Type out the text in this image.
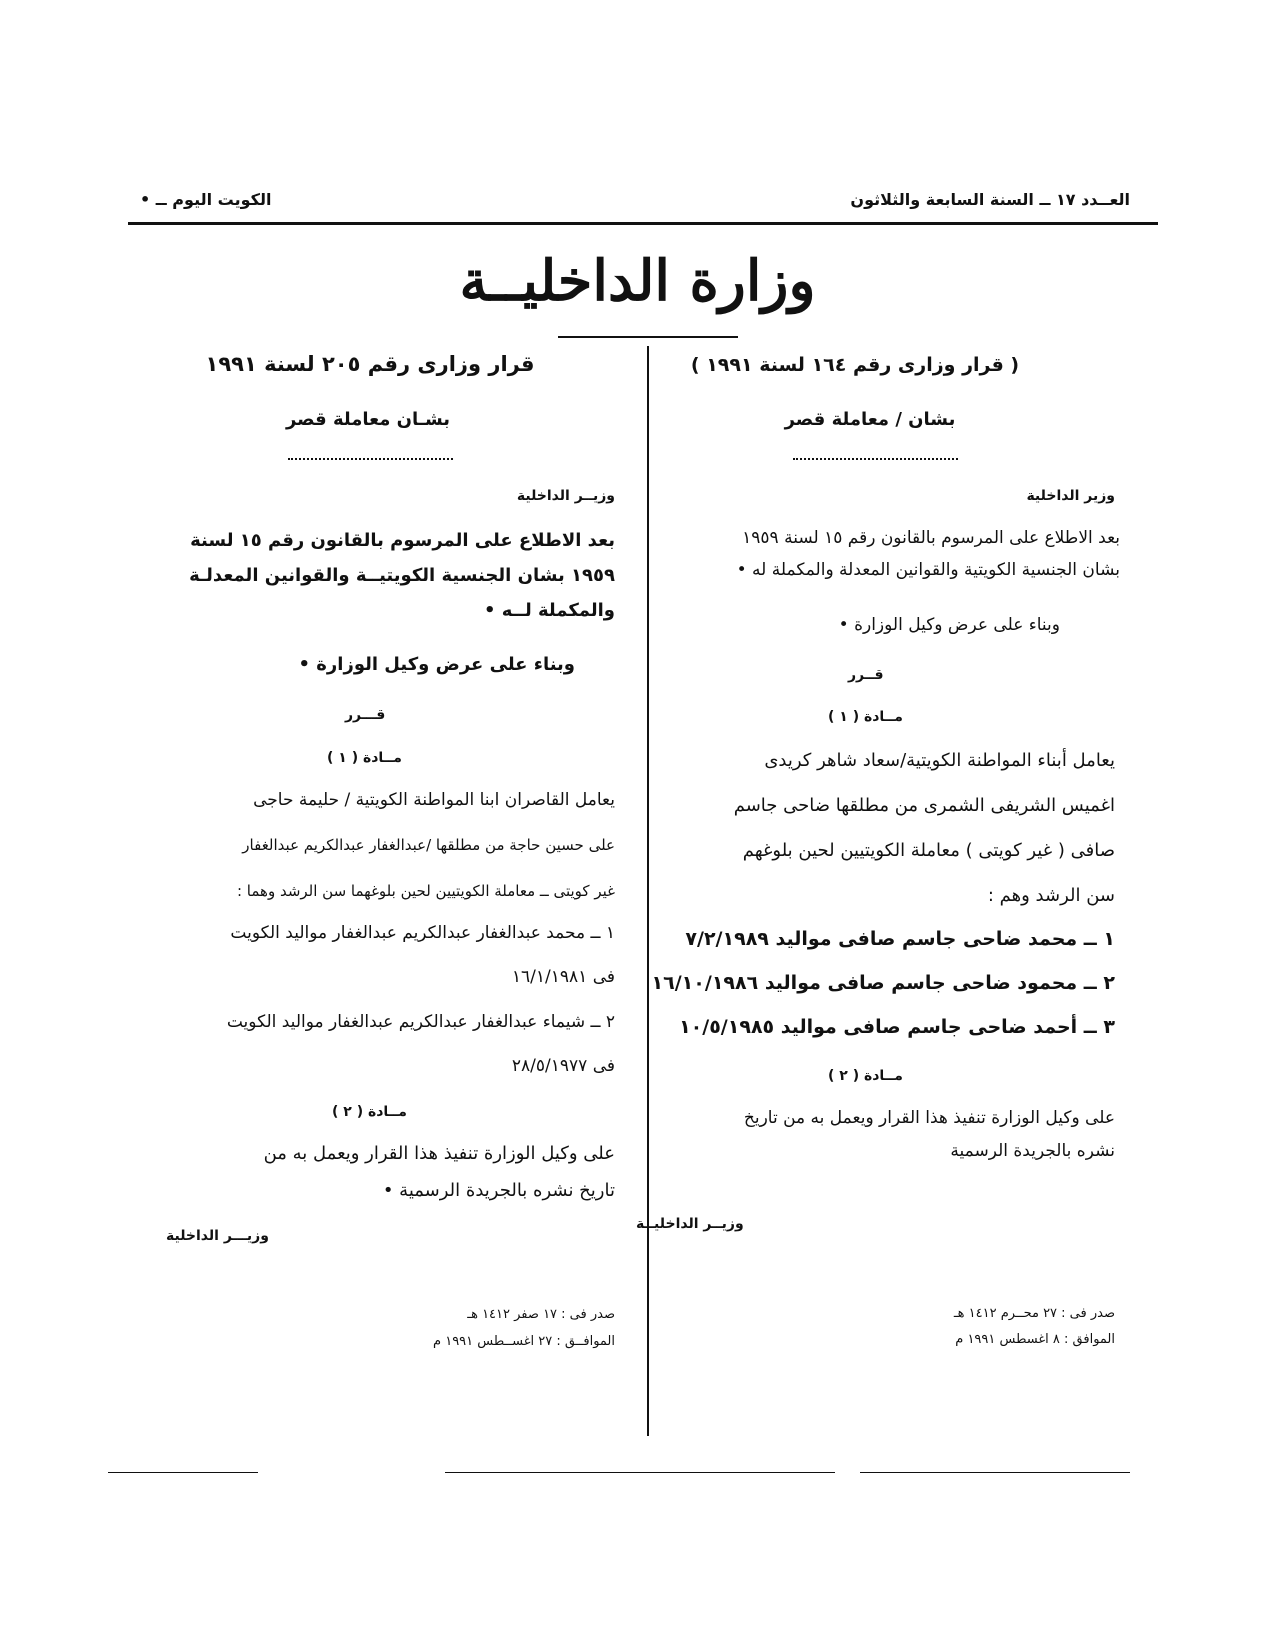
العــدد ١٧ ــ السنة السابعة والثلاثون
الكويت اليوم ــ •
وزارة الداخليــة
( قرار وزارى رقم ١٦٤ لسنة ١٩٩١ )
بشان / معاملة قصر
وزير الداخلية
بعد الاطلاع على المرسوم بالقانون رقم ١٥ لسنة ١٩٥٩
بشان الجنسية الكويتية والقوانين المعدلة والمكملة له •
وبناء على عرض وكيل الوزارة •
قــرر
مــادة ( ١ )
يعامل أبناء المواطنة الكويتية/سعاد شاهر كريدى
اغميس الشريفى الشمرى من مطلقها ضاحى جاسم
صافى ( غير كويتى ) معاملة الكويتيين لحين بلوغهم
سن الرشد وهم :
١ ــ محمد ضاحى جاسم صافى مواليد ٧/٢/١٩٨٩
٢ ــ محمود ضاحى جاسم صافى مواليد ١٦/١٠/١٩٨٦
٣ ــ أحمد ضاحى جاسم صافى مواليد ١٠/٥/١٩٨٥
مــادة ( ٢ )
على وكيل الوزارة تنفيذ هذا القرار ويعمل به من تاريخ
نشره بالجريدة الرسمية
وزيــر الداخليــة
صدر فى : ٢٧ محــرم ١٤١٢ هـ
الموافق : ٨ اغسطس ١٩٩١ م
قرار وزارى رقم ٢٠٥ لسنة ١٩٩١
بشـان معاملة قصر
وزيــر الداخلية
بعد الاطلاع على المرسوم بالقانون رقم ١٥ لسنة
١٩٥٩ بشان الجنسية الكويتيــة والقوانين المعدلـة
والمكملة لــه •
وبناء على عرض وكيل الوزارة •
قـــرر
مــادة ( ١ )
يعامل القاصران ابنا المواطنة الكويتية / حليمة حاجى
على حسين حاجة من مطلقها /عبدالغفار عبدالكريم عبدالغفار
غير كويتى ــ معاملة الكويتيين لحين بلوغهما سن الرشد وهما :
١ ــ محمد عبدالغفار عبدالكريم عبدالغفار مواليد الكويت
فى ١٦/١/١٩٨١
٢ ــ شيماء عبدالغفار عبدالكريم عبدالغفار مواليد الكويت
فى ٢٨/٥/١٩٧٧
مــادة ( ٢ )
على وكيل الوزارة تنفيذ هذا القرار ويعمل به من
تاريخ نشره بالجريدة الرسمية •
وزيـــر الداخلية
صدر فى : ١٧ صفر ١٤١٢ هـ
الموافــق : ٢٧ اغســطس ١٩٩١ م
